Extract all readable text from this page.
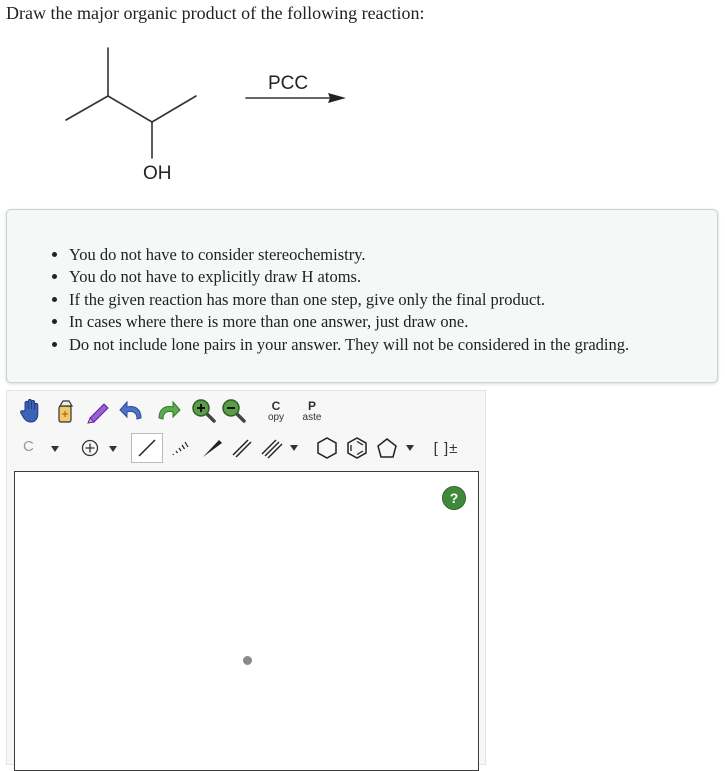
Draw the major organic product of the following reaction:
OH
PCC
• You do not have to consider stereochemistry.
• You do not have to explicitly draw H atoms.
• If the given reaction has more than one step, give only the final product.
• In cases where there is more than one answer, just draw one.
• Do not include lone pairs in your answer. They will not be considered in the grading.
C
opy
P
aste
C	[ ]±
?
